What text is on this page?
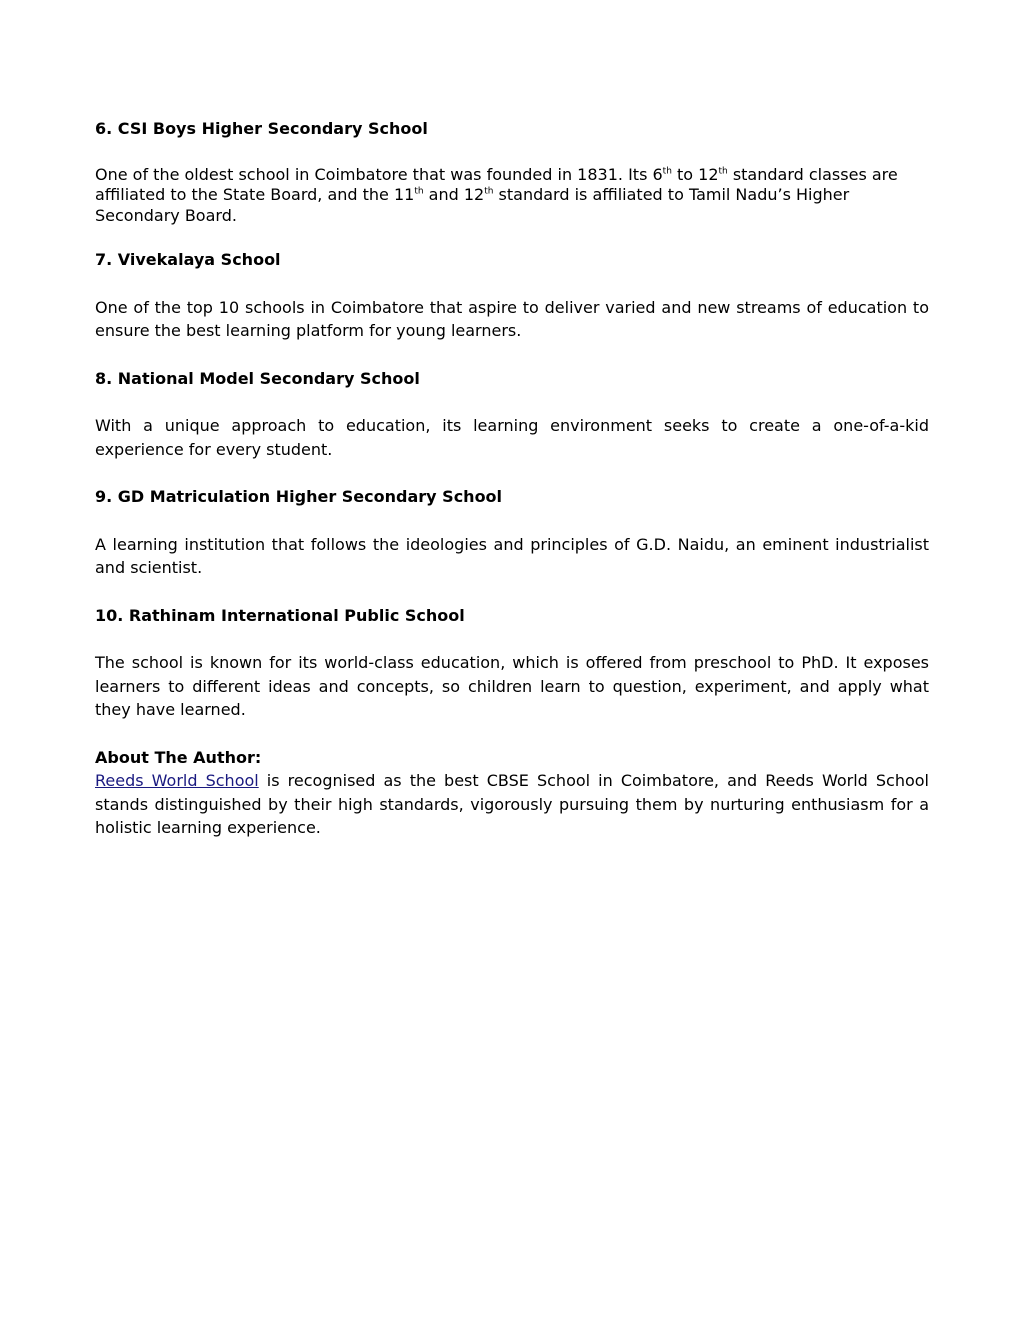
6. CSI Boys Higher Secondary School

One of the oldest school in Coimbatore that was founded in 1831. Its 6th to 12th standard classes are affiliated to the State Board, and the 11th and 12th standard is affiliated to Tamil Nadu’s Higher Secondary Board.

7. Vivekalaya School

One of the top 10 schools in Coimbatore that aspire to deliver varied and new streams of education to ensure the best learning platform for young learners.

8. National Model Secondary School

With a unique approach to education, its learning environment seeks to create a one-of-a-kid experience for every student.

9. GD Matriculation Higher Secondary School

A learning institution that follows the ideologies and principles of G.D. Naidu, an eminent industrialist and scientist.

10. Rathinam International Public School

The school is known for its world-class education, which is offered from preschool to PhD. It exposes learners to different ideas and concepts, so children learn to question, experiment, and apply what they have learned.

About The Author:

Reeds World School is recognised as the best CBSE School in Coimbatore, and Reeds World School stands distinguished by their high standards, vigorously pursuing them by nurturing enthusiasm for a holistic learning experience.
